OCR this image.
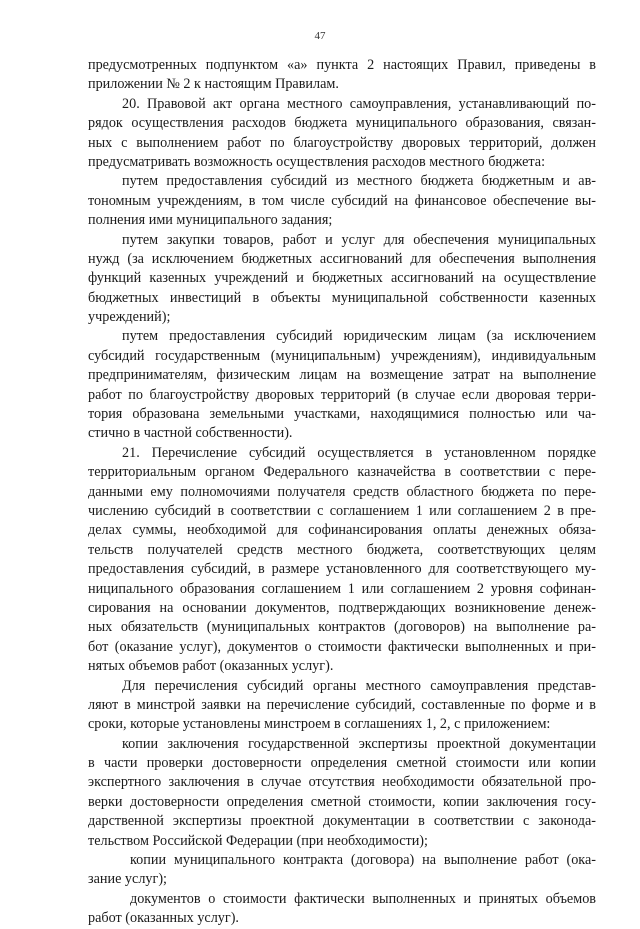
47
предусмотренных подпунктом «а» пункта 2 настоящих Правил, приведены в
приложении № 2 к настоящим Правилам.
20. Правовой акт органа местного самоуправления, устанавливающий по-
рядок осуществления расходов бюджета муниципального образования, связан-
ных с выполнением работ по благоустройству дворовых территорий, должен
предусматривать возможность осуществления расходов местного бюджета:
путем предоставления субсидий из местного бюджета бюджетным и ав-
тономным учреждениям, в том числе субсидий на финансовое обеспечение вы-
полнения ими муниципального задания;
путем закупки товаров, работ и услуг для обеспечения муниципальных
нужд (за исключением бюджетных ассигнований для обеспечения выполнения
функций казенных учреждений и бюджетных ассигнований на осуществление
бюджетных инвестиций в объекты муниципальной собственности казенных
учреждений);
путем предоставления субсидий юридическим лицам (за исключением
субсидий государственным (муниципальным) учреждениям), индивидуальным
предпринимателям, физическим лицам на возмещение затрат на выполнение
работ по благоустройству дворовых территорий (в случае если дворовая терри-
тория образована земельными участками, находящимися полностью или ча-
стично в частной собственности).
21. Перечисление субсидий осуществляется в установленном порядке
территориальным органом Федерального казначейства в соответствии с пере-
данными ему полномочиями получателя средств областного бюджета по пере-
числению субсидий в соответствии с соглашением 1 или соглашением 2 в пре-
делах суммы, необходимой для софинансирования оплаты денежных обяза-
тельств получателей средств местного бюджета, соответствующих целям
предоставления субсидий, в размере установленного для соответствующего му-
ниципального образования соглашением 1 или соглашением 2 уровня софинан-
сирования на основании документов, подтверждающих возникновение денеж-
ных обязательств (муниципальных контрактов (договоров) на выполнение ра-
бот (оказание услуг), документов о стоимости фактически выполненных и при-
нятых объемов работ (оказанных услуг).
Для перечисления субсидий органы местного самоуправления представ-
ляют в минстрой заявки на перечисление субсидий, составленные по форме и в
сроки, которые установлены минстроем в соглашениях 1, 2, с приложением:
копии заключения государственной экспертизы проектной документации
в части проверки достоверности определения сметной стоимости или копии
экспертного заключения в случае отсутствия необходимости обязательной про-
верки достоверности определения сметной стоимости, копии заключения госу-
дарственной экспертизы проектной документации в соответствии с законода-
тельством Российской Федерации (при необходимости);
копии муниципального контракта (договора) на выполнение работ (ока-
зание услуг);
документов о стоимости фактически выполненных и принятых объемов
работ (оказанных услуг).
